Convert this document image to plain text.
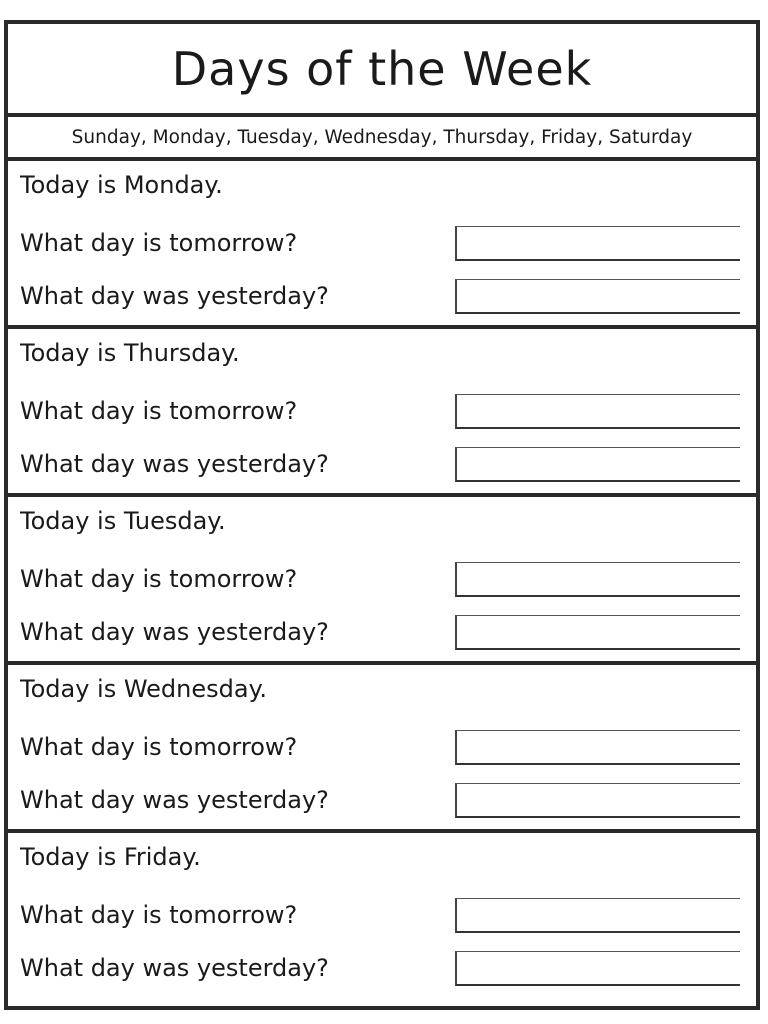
Days of the Week
Sunday, Monday, Tuesday, Wednesday, Thursday, Friday, Saturday
Today is Monday.
What day is tomorrow?
What day was yesterday?
Today is Thursday.
What day is tomorrow?
What day was yesterday?
Today is Tuesday.
What day is tomorrow?
What day was yesterday?
Today is Wednesday.
What day is tomorrow?
What day was yesterday?
Today is Friday.
What day is tomorrow?
What day was yesterday?
